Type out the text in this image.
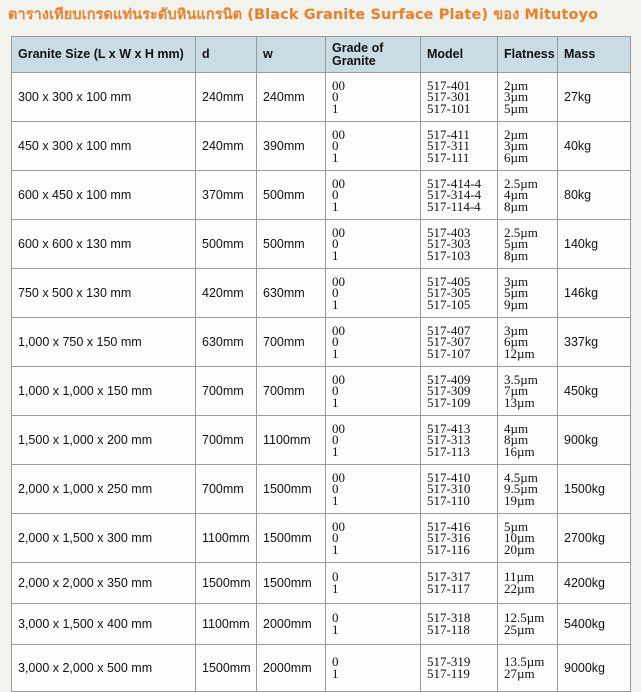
ตารางเทียบเกรดแท่นระดับหินแกรนิต (Black Granite Surface Plate) ของ Mitutoyo
Granite Size (L x W x H mm)	d	w	Grade of Granite	Model	Flatness	Mass
300 x 300 x 100 mm	240mm	240mm	00
0
1	517-401
517-301
517-101	2µm
3µm
5µm	27kg
450 x 300 x 100 mm	240mm	390mm	00
0
1	517-411
517-311
517-111	2µm
3µm
6µm	40kg
600 x 450 x 100 mm	370mm	500mm	00
0
1	517-414-4
517-314-4
517-114-4	2.5µm
4µm
8µm	80kg
600 x 600 x 130 mm	500mm	500mm	00
0
1	517-403
517-303
517-103	2.5µm
5µm
8µm	140kg
750 x 500 x 130 mm	420mm	630mm	00
0
1	517-405
517-305
517-105	3µm
5µm
9µm	146kg
1,000 x 750 x 150 mm	630mm	700mm	00
0
1	517-407
517-307
517-107	3µm
6µm
12µm	337kg
1,000 x 1,000 x 150 mm	700mm	700mm	00
0
1	517-409
517-309
517-109	3.5µm
7µm
13µm	450kg
1,500 x 1,000 x 200 mm	700mm	1100mm	00
0
1	517-413
517-313
517-113	4µm
8µm
16µm	900kg
2,000 x 1,000 x 250 mm	700mm	1500mm	00
0
1	517-410
517-310
517-110	4.5µm
9.5µm
19µm	1500kg
2,000 x 1,500 x 300 mm	1100mm	1500mm	00
0
1	517-416
517-316
517-116	5µm
10µm
20µm	2700kg
2,000 x 2,000 x 350 mm	1500mm	1500mm	0
1	517-317
517-117	11µm
22µm	4200kg
3,000 x 1,500 x 400 mm	1100mm	2000mm	0
1	517-318
517-118	12.5µm
25µm	5400kg
3,000 x 2,000 x 500 mm	1500mm	2000mm	0
1	517-319
517-119	13.5µm
27µm	9000kg
